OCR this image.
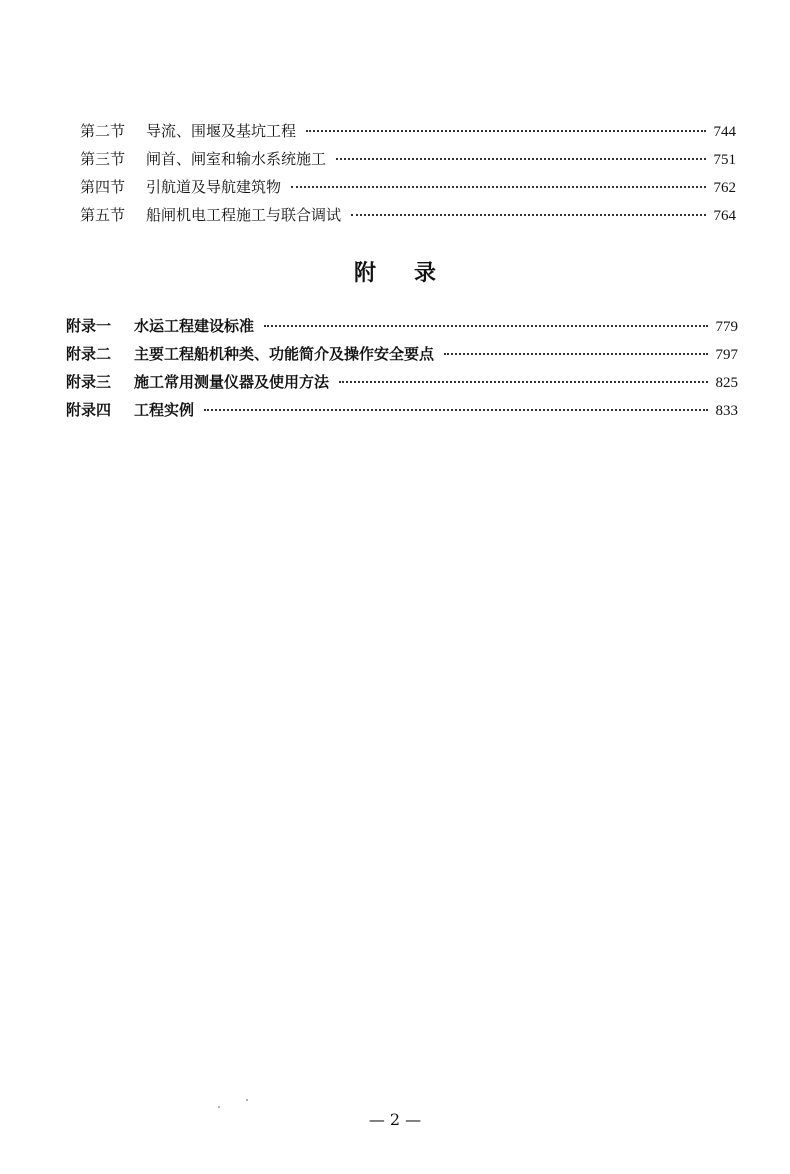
第二节	导流、围堰及基坑工程	744
第三节	闸首、闸室和输水系统施工	751
第四节	引航道及导航建筑物	762
第五节	船闸机电工程施工与联合调试	764
附录
附录一	水运工程建设标准	779
附录二	主要工程船机种类、功能简介及操作安全要点	797
附录三	施工常用测量仪器及使用方法	825
附录四	工程实例	833
— 2 —
